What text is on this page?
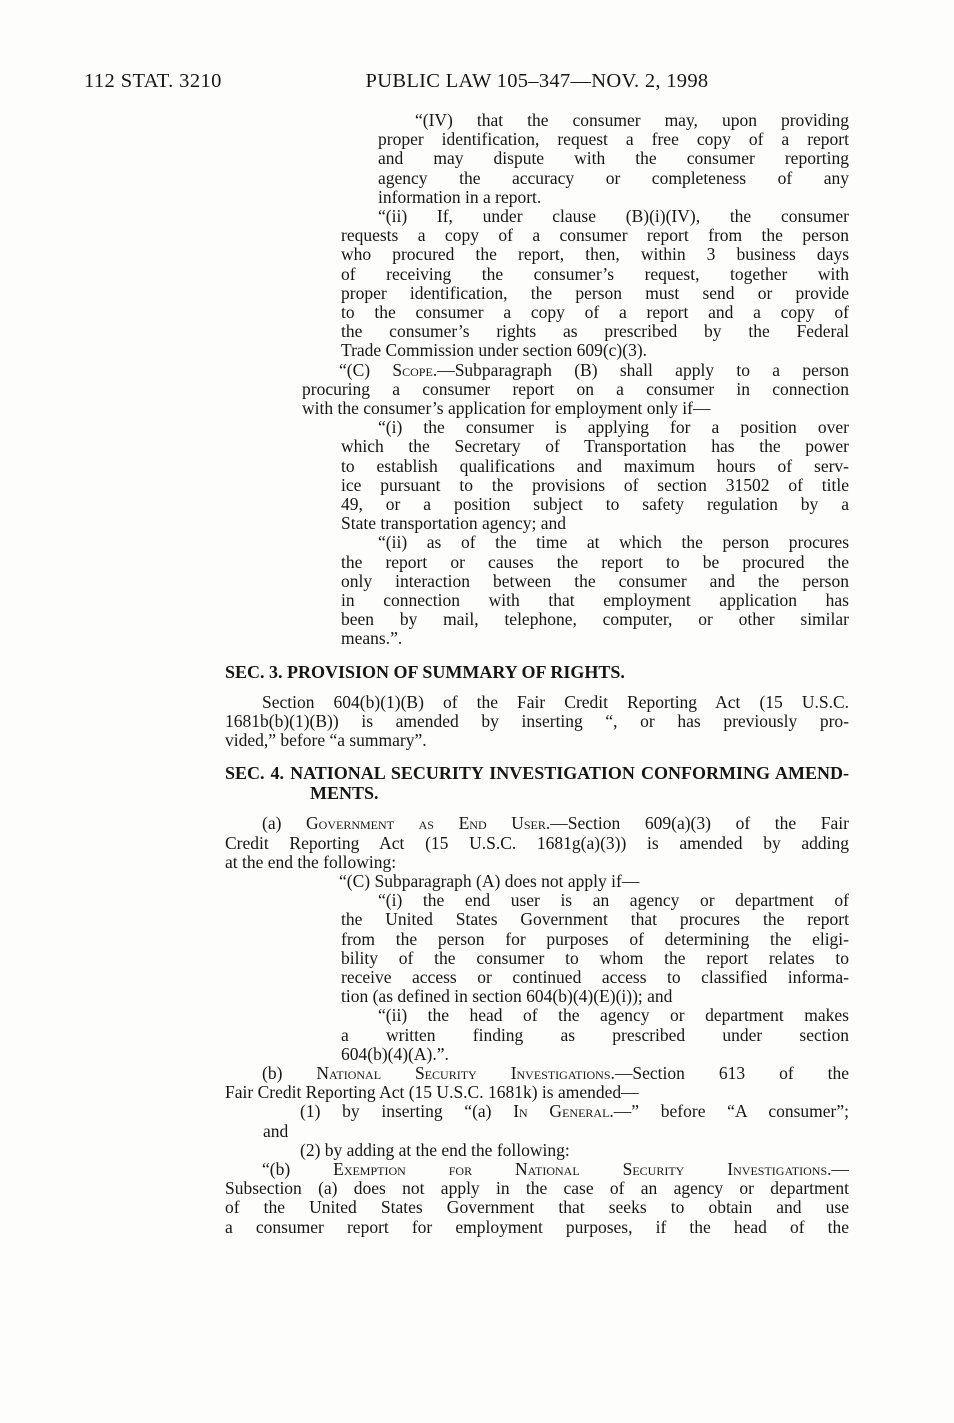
112 STAT. 3210	PUBLIC LAW 105–347—NOV. 2, 1998
“(IV) that the consumer may, upon providing
proper identification, request a free copy of a report
and may dispute with the consumer reporting
agency the accuracy or completeness of any
information in a report.
“(ii) If, under clause (B)(i)(IV), the consumer
requests a copy of a consumer report from the person
who procured the report, then, within 3 business days
of receiving the consumer’s request, together with
proper identification, the person must send or provide
to the consumer a copy of a report and a copy of
the consumer’s rights as prescribed by the Federal
Trade Commission under section 609(c)(3).
“(C) Scope.—Subparagraph (B) shall apply to a person
procuring a consumer report on a consumer in connection
with the consumer’s application for employment only if—
“(i) the consumer is applying for a position over
which the Secretary of Transportation has the power
to establish qualifications and maximum hours of serv-
ice pursuant to the provisions of section 31502 of title
49, or a position subject to safety regulation by a
State transportation agency; and
“(ii) as of the time at which the person procures
the report or causes the report to be procured the
only interaction between the consumer and the person
in connection with that employment application has
been by mail, telephone, computer, or other similar
means.”.
SEC. 3. PROVISION OF SUMMARY OF RIGHTS.
Section 604(b)(1)(B) of the Fair Credit Reporting Act (15 U.S.C.
1681b(b)(1)(B)) is amended by inserting “, or has previously pro-
vided,” before “a summary”.
SEC. 4. NATIONAL SECURITY INVESTIGATION CONFORMING AMEND-
MENTS.
(a) Government as End User.—Section 609(a)(3) of the Fair
Credit Reporting Act (15 U.S.C. 1681g(a)(3)) is amended by adding
at the end the following:
“(C) Subparagraph (A) does not apply if—
“(i) the end user is an agency or department of
the United States Government that procures the report
from the person for purposes of determining the eligi-
bility of the consumer to whom the report relates to
receive access or continued access to classified informa-
tion (as defined in section 604(b)(4)(E)(i)); and
“(ii) the head of the agency or department makes
a written finding as prescribed under section
604(b)(4)(A).”.
(b) National Security Investigations.—Section 613 of the
Fair Credit Reporting Act (15 U.S.C. 1681k) is amended—
(1) by inserting “(a) In General.—” before “A consumer”;
and
(2) by adding at the end the following:
“(b) Exemption for National Security Investigations.—
Subsection (a) does not apply in the case of an agency or department
of the United States Government that seeks to obtain and use
a consumer report for employment purposes, if the head of the
